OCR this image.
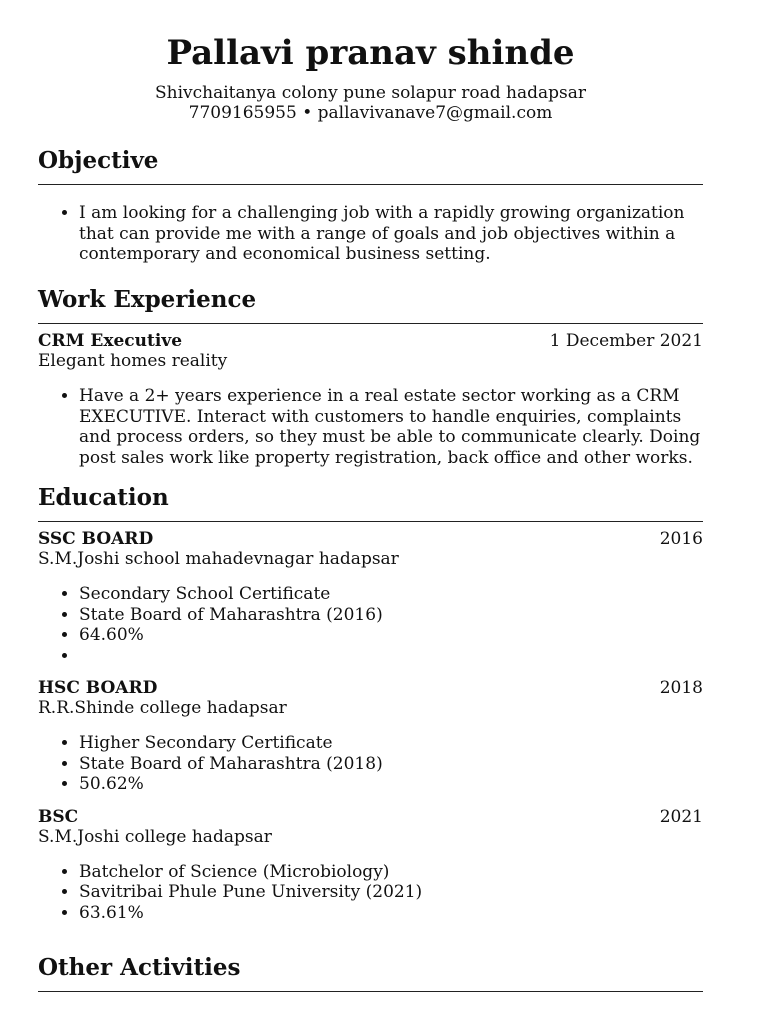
Pallavi pranav shinde
Shivchaitanya colony pune solapur road hadapsar
7709165955 • pallavivanave7@gmail.com
Objective
• I am looking for a challenging job with a rapidly growing organization that can provide me with a range of goals and job objectives within a contemporary and economical business setting.
Work Experience
CRM Executive	1 December 2021
Elegant homes reality
• Have a 2+ years experience in a real estate sector working as a CRM EXECUTIVE. Interact with customers to handle enquiries, complaints and process orders, so they must be able to communicate clearly. Doing post sales work like property registration, back office and other works.
Education
SSC BOARD	2016
S.M.Joshi school mahadevnagar hadapsar
• Secondary School Certificate
• State Board of Maharashtra (2016)
• 64.60%
•
HSC BOARD	2018
R.R.Shinde college hadapsar
• Higher Secondary Certificate
• State Board of Maharashtra (2018)
• 50.62%
BSC	2021
S.M.Joshi college hadapsar
• Batchelor of Science (Microbiology)
• Savitribai Phule Pune University (2021)
• 63.61%
Other Activities
